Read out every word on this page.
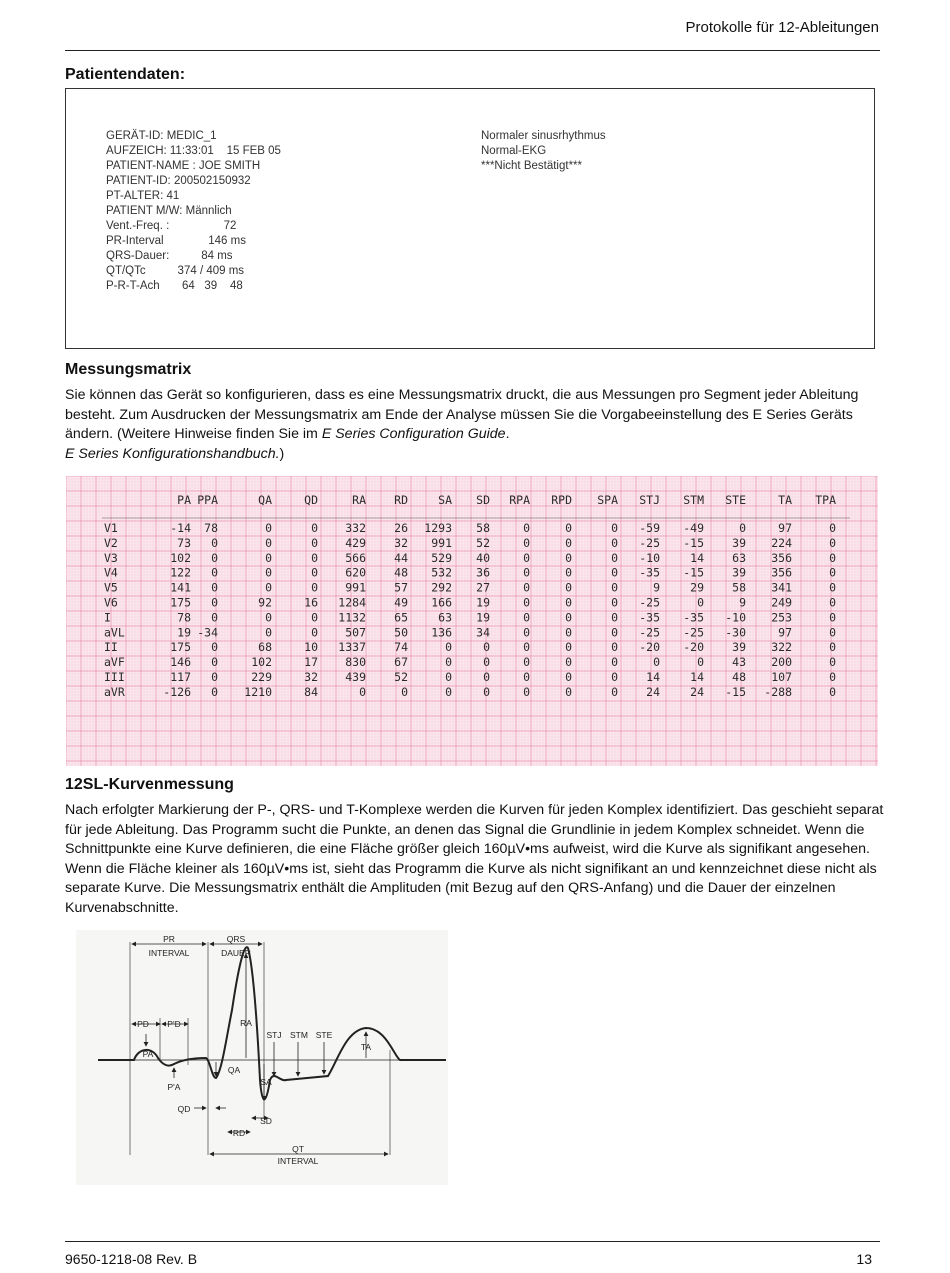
Protokolle für 12-Ableitungen
Patientendaten:
GERÄT-ID: MEDIC_1
AUFZEICH: 11:33:01    15 FEB 05
PATIENT-NAME : JOE SMITH
PATIENT-ID: 200502150932
PT-ALTER: 41
PATIENT M/W: Männlich
Vent.-Freq. :                 72
PR-Interval              146 ms
QRS-Dauer:          84 ms
QT/QTc          374 / 409 ms
P-R-T-Ach       64   39    48
Normaler sinusrhythmus
Normal-EKG
***Nicht Bestätigt***
Messungsmatrix

Sie können das Gerät so konfigurieren, dass es eine Messungsmatrix druckt, die aus Messungen pro Segment jeder Ableitung besteht. Zum Ausdrucken der Messungsmatrix am Ende der Analyse müssen Sie die Vorgabeeinstellung des E Series Geräts ändern. (Weitere Hinweise finden Sie im E Series Configuration Guide.
E Series Konfigurationshandbuch.)

PA PPA	QA	QD	RA RD	SA SD RPA RPD SPA STJ STM STE	TA TPA
V1	-14 78	0	0 332 26 1293 58	0	0	0 -59 -49	0	97	0
V2	73 0	0	0 429 32 991 52	0	0	0 -25 -15 39 224	0
V3	102 0	0	0 566 44 529 40	0	0	0 -10	14 63 356	0
V4	122 0	0	0 620 48 532 36	0	0	0 -35 -15 39 356	0
V5	141 0	0	0 991 57 292 27	0	0	0	9	29 58 341	0
V6	175 0	92	16 1284 49 166 19	0	0	0 -25	0	9 249	0
I	78 0	0	0 1132 65	63 19	0	0	0 -35 -35 -10 253	0
aVL	19 -34	0	0 507 50 136 34	0	0	0 -25 -25 -30	97	0
II	175 0	68	10 1337 74	0	0	0	0	0 -20 -20 39 322	0
aVF	146 0	102	17 830 67	0	0	0	0	0	0	0 43 200	0
III	117 0	229	32 439 52	0	0	0	0	0 14	14 48 107	0
aVR	-126 0 1210	84	0	0	0	0	0	0	0 24	24 -15 -288	0
12SL-Kurvenmessung

Nach erfolgter Markierung der P-, QRS- und T-Komplexe werden die Kurven für jeden Komplex identifiziert. Das geschieht separat für jede Ableitung. Das Programm sucht die Punkte, an denen das Signal die Grundlinie in jedem Komplex schneidet. Wenn die Schnittpunkte eine Kurve definieren, die eine Fläche größer gleich 160µV•ms aufweist, wird die Kurve als signifikant angesehen. Wenn die Fläche kleiner als 160µV•ms ist, sieht das Programm die Kurve als nicht signifikant an und kennzeichnet diese nicht als separate Kurve. Die Messungsmatrix enthält die Amplituden (mit Bezug auf den QRS-Anfang) und die Dauer der einzelnen Kurvenabschnitte.

PR
INTERVAL
QRS
DAUER
PD P'D
PA
P'A
RA
QA
SA
QD
RD
SD
STJ STM STE
TA
QT
INTERVAL
9650-1218-08 Rev. B	13
